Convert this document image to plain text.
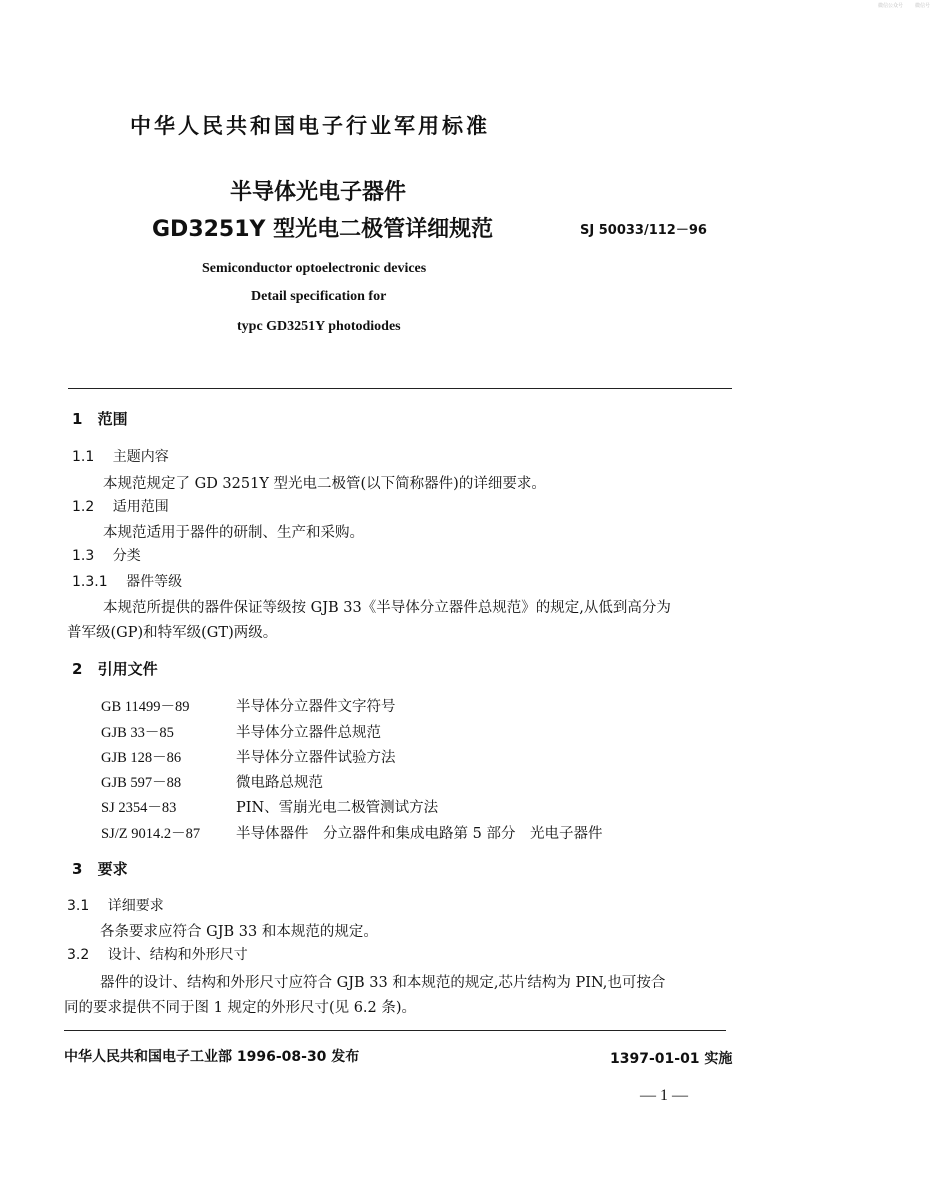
微信公众号 微信号
中华人民共和国电子行业军用标准
半导体光电子器件
GD3251Y 型光电二极管详细规范	SJ 50033/112－96
Semiconductor optoelectronic devices
Detail specification for
typc GD3251Y photodiodes
1 范围
1.1 主题内容
本规范规定了 GD 3251Y 型光电二极管(以下简称器件)的详细要求。
1.2 适用范围
本规范适用于器件的研制、生产和采购。
1.3 分类
1.3.1 器件等级
本规范所提供的器件保证等级按 GJB 33《半导体分立器件总规范》的规定,从低到高分为
普军级(GP)和特军级(GT)两级。
2 引用文件
GB 11499－89	半导体分立器件文字符号
GJB 33－85	半导体分立器件总规范
GJB 128－86	半导体分立器件试验方法
GJB 597－88	微电路总规范
SJ 2354－83	PIN、雪崩光电二极管测试方法
SJ/Z 9014.2－87 半导体器件　分立器件和集成电路第 5 部分　光电子器件
3 要求
3.1 详细要求
各条要求应符合 GJB 33 和本规范的规定。
3.2 设计、结构和外形尺寸
器件的设计、结构和外形尺寸应符合 GJB 33 和本规范的规定,芯片结构为 PIN,也可按合
同的要求提供不同于图 1 规定的外形尺寸(见 6.2 条)。
中华人民共和国电子工业部 1996-08-30 发布	1397-01-01 实施
— 1 —
